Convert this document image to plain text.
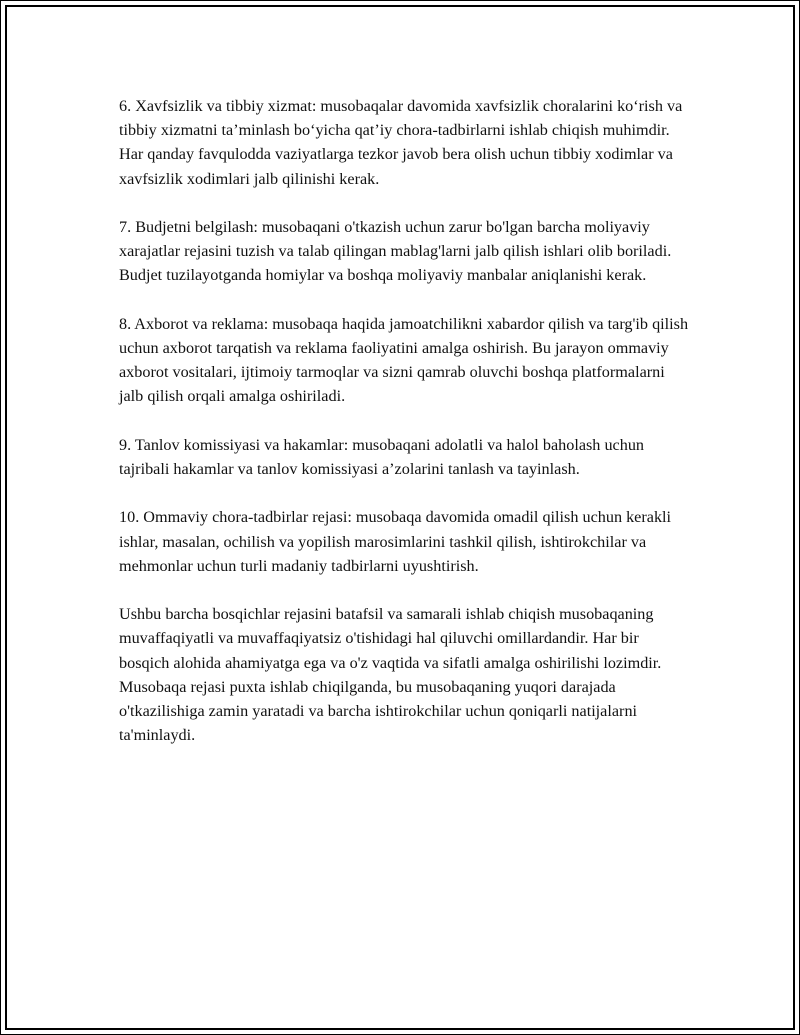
6. Xavfsizlik va tibbiy xizmat: musobaqalar davomida xavfsizlik choralarini ko‘rish va tibbiy xizmatni ta’minlash bo‘yicha qat’iy chora-tadbirlarni ishlab chiqish muhimdir. Har qanday favqulodda vaziyatlarga tezkor javob bera olish uchun tibbiy xodimlar va xavfsizlik xodimlari jalb qilinishi kerak.

7. Budjetni belgilash: musobaqani o'tkazish uchun zarur bo'lgan barcha moliyaviy xarajatlar rejasini tuzish va talab qilingan mablag'larni jalb qilish ishlari olib boriladi. Budjet tuzilayotganda homiylar va boshqa moliyaviy manbalar aniqlanishi kerak.

8. Axborot va reklama: musobaqa haqida jamoatchilikni xabardor qilish va targ'ib qilish uchun axborot tarqatish va reklama faoliyatini amalga oshirish. Bu jarayon ommaviy axborot vositalari, ijtimoiy tarmoqlar va sizni qamrab oluvchi boshqa platformalarni jalb qilish orqali amalga oshiriladi.

9. Tanlov komissiyasi va hakamlar: musobaqani adolatli va halol baholash uchun tajribali hakamlar va tanlov komissiyasi a’zolarini tanlash va tayinlash.

10. Ommaviy chora-tadbirlar rejasi: musobaqa davomida omadil qilish uchun kerakli ishlar, masalan, ochilish va yopilish marosimlarini tashkil qilish, ishtirokchilar va mehmonlar uchun turli madaniy tadbirlarni uyushtirish.

Ushbu barcha bosqichlar rejasini batafsil va samarali ishlab chiqish musobaqaning muvaffaqiyatli va muvaffaqiyatsiz o'tishidagi hal qiluvchi omillardandir. Har bir bosqich alohida ahamiyatga ega va o'z vaqtida va sifatli amalga oshirilishi lozimdir. Musobaqa rejasi puxta ishlab chiqilganda, bu musobaqaning yuqori darajada o'tkazilishiga zamin yaratadi va barcha ishtirokchilar uchun qoniqarli natijalarni ta'minlaydi.
